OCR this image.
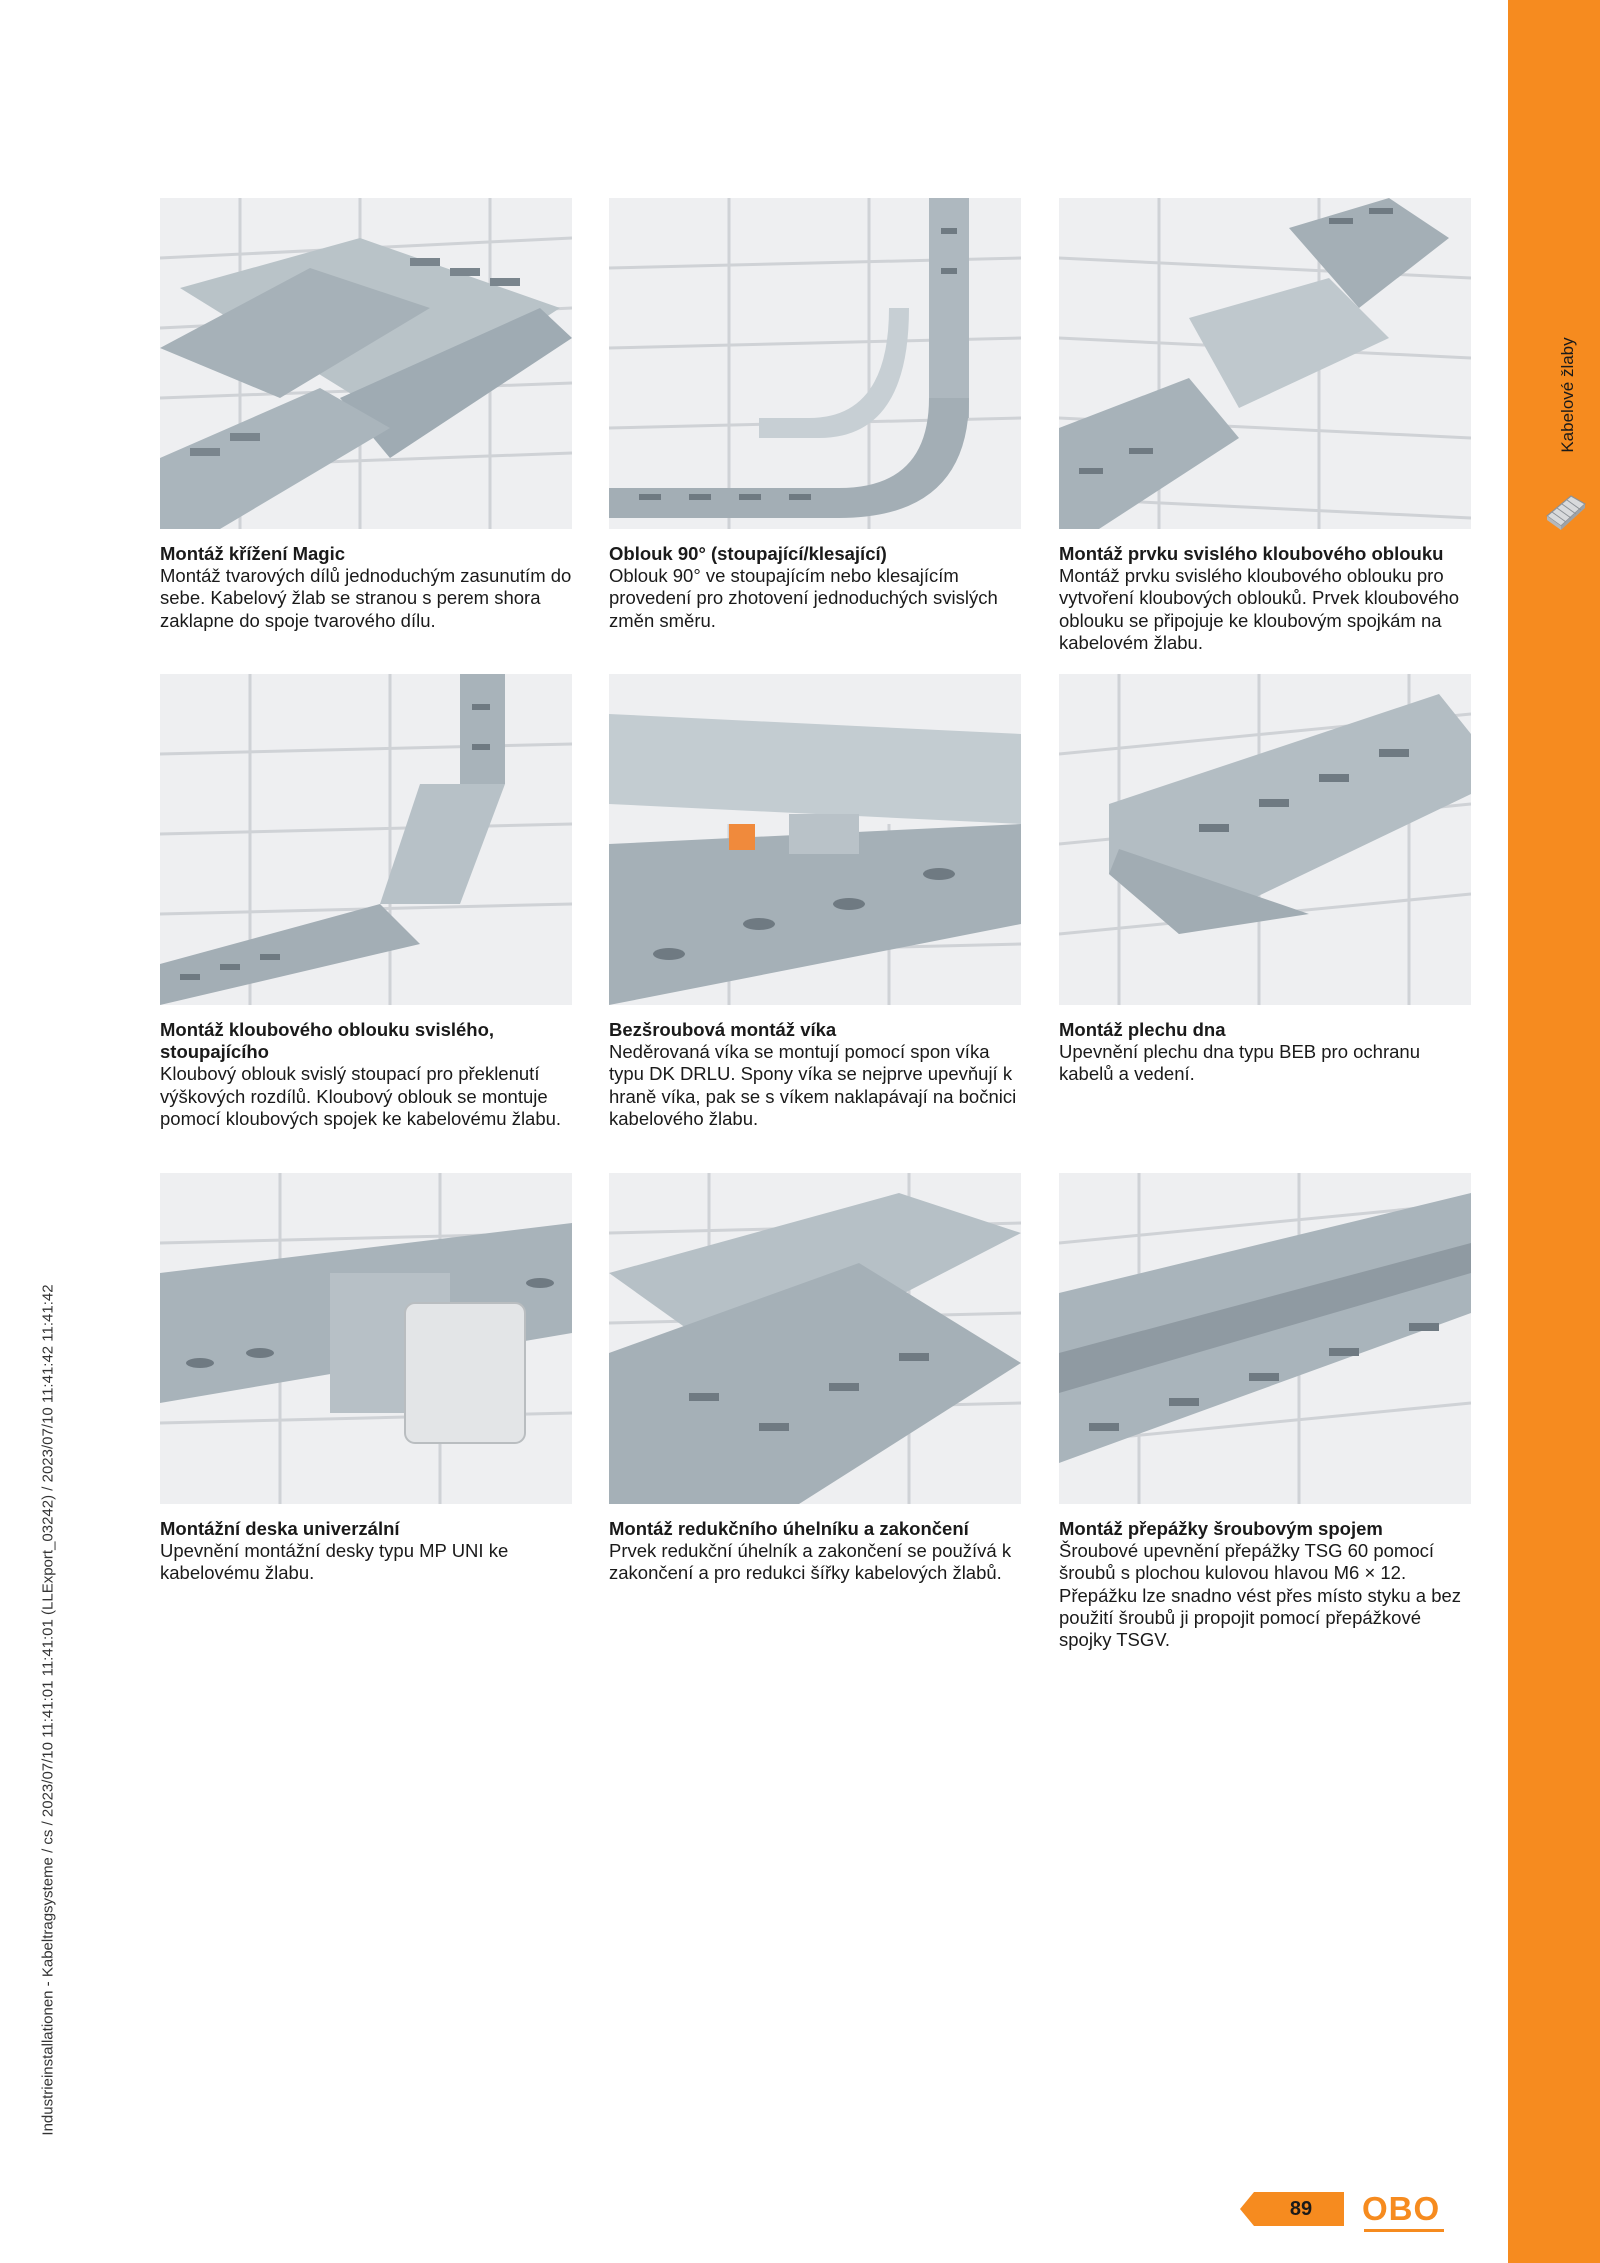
Kabelové žlaby
Industrieinstallationen - Kabeltragsysteme / cs / 2023/07/10 11:41:01 11:41:01 (LLExport_03242) / 2023/07/10 11:41:42 11:41:42
Montáž křížení Magic
Montáž tvarových dílů jednoduchým zasunutím do sebe. Kabelový žlab se stranou s perem shora zaklapne do spoje tvarového dílu.
Oblouk 90° (stoupající/klesající)
Oblouk 90° ve stoupajícím nebo klesajícím provedení pro zhotovení jednoduchých svislých změn směru.
Montáž prvku svislého kloubového oblouku
Montáž prvku svislého kloubového oblouku pro vytvoření kloubových oblouků. Prvek kloubového oblouku se připojuje ke kloubovým spojkám na kabelovém žlabu.
Montáž kloubového oblouku svislého, stoupajícího
Kloubový oblouk svislý stoupací pro překlenutí výškových rozdílů. Kloubový oblouk se montuje pomocí kloubových spojek ke kabelovému žlabu.
Bezšroubová montáž víka
Neděrovaná víka se montují pomocí spon víka typu DK DRLU. Spony víka se nejprve upevňují k hraně víka, pak se s víkem naklapávají na bočnici kabelového žlabu.
Montáž plechu dna
Upevnění plechu dna typu BEB pro ochranu kabelů a vedení.
Montážní deska univerzální
Upevnění montážní desky typu MP UNI ke kabelovému žlabu.
Montáž redukčního úhelníku a zakončení
Prvek redukční úhelník a zakončení se používá k zakončení a pro redukci šířky kabelových žlabů.
Montáž přepážky šroubovým spojem
Šroubové upevnění přepážky TSG 60 pomocí šroubů s plochou kulovou hlavou M6 × 12. Přepážku lze snadno vést přes místo styku a bez použití šroubů ji propojit pomocí přepážkové spojky TSGV.
89	OBO
